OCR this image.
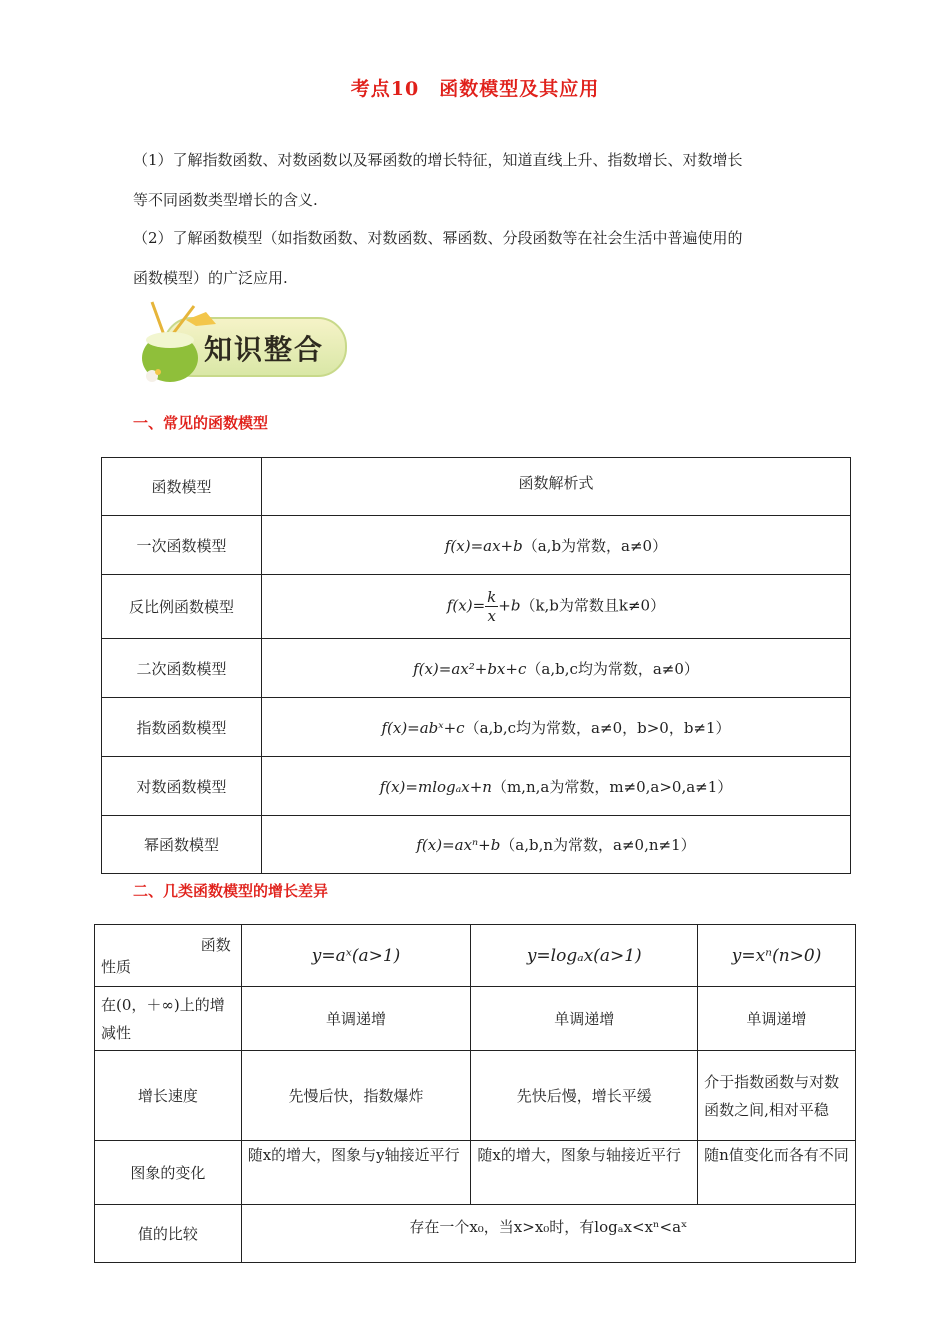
考点10　函数模型及其应用
（1）了解指数函数、对数函数以及幂函数的增长特征，知道直线上升、指数增长、对数增长
等不同函数类型增长的含义.
（2）了解函数模型（如指数函数、对数函数、幂函数、分段函数等在社会生活中普遍使用的
函数模型）的广泛应用.
知识整合
一、常见的函数模型
函数模型	函数解析式
一次函数模型	f(x)=ax+b（a,b为常数，a≠0）
反比例函数模型	$f(x)= \frac{k}{x} +b(k,b$为常数且k≠0）
二次函数模型	f(x)=ax²+bx+c（a,b,c均为常数，a≠0）
指数函数模型	f(x)=abˣ+c（a,b,c均为常数，a≠0，b>0，b≠1）
对数函数模型	f(x)=mlogₐx+n（m,n,a为常数，m≠0,a>0,a≠1）
幂函数模型	f(x)=axⁿ+b（a,b,n为常数，a≠0,n≠1）
二、几类函数模型的增长差异
函数
性质	y=aˣ(a>1)	y=logₐx(a>1)	y=xⁿ(n>0)
在(0，＋∞)上的增减性	单调递增	单调递增	单调递增
增长速度	先慢后快，指数爆炸	先快后慢，增长平缓	介于指数函数与对数函数之间,相对平稳
图象的变化	随x的增大，图象与y轴接近平行	随x的增大，图象与轴接近平行	随n值变化而各有不同
值的比较	存在一个x₀，当x>x₀时，有logₐx<xⁿ<aˣ		
